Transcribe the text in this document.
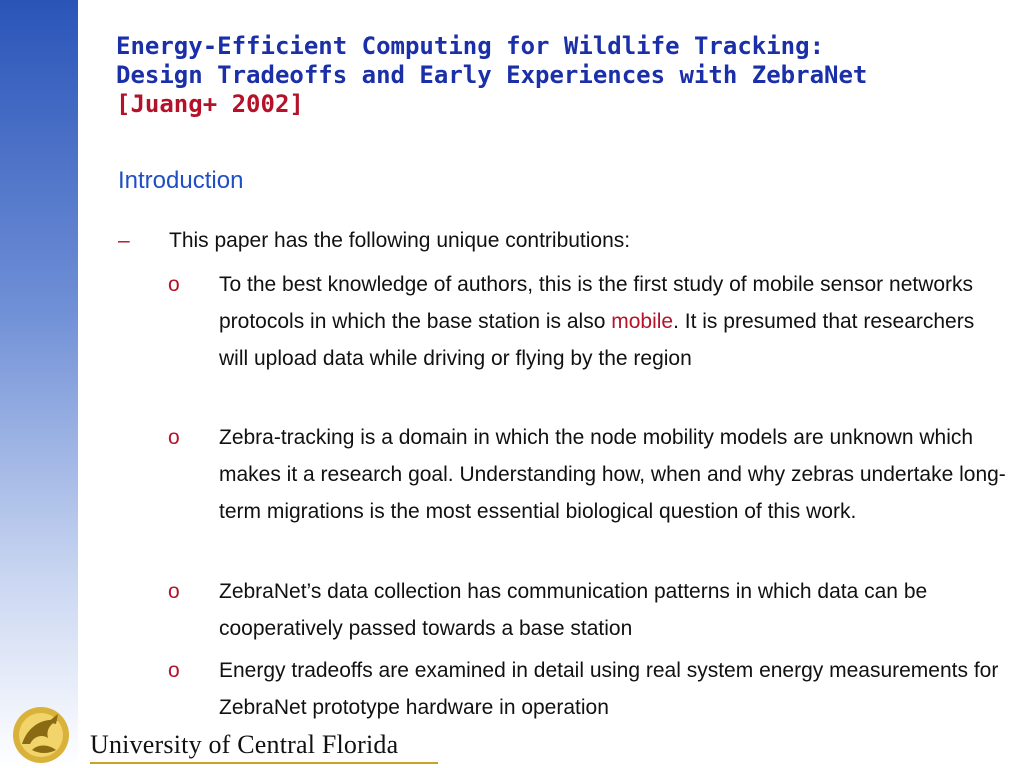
Energy-Efficient Computing for Wildlife Tracking:
Design Tradeoffs and Early Experiences with ZebraNet
[Juang+ 2002]
Introduction
– This paper has the following unique contributions:
o To the best knowledge of authors, this is the first study of mobile sensor networks protocols in which the base station is also mobile. It is presumed that researchers will upload data while driving or flying by the region
o Zebra-tracking is a domain in which the node mobility models are unknown which makes it a research goal. Understanding how, when and why zebras undertake long-term migrations is the most essential biological question of this work.
o ZebraNet’s data collection has communication patterns in which data can be cooperatively passed towards a base station
o Energy tradeoffs are examined in detail using real system energy measurements for ZebraNet prototype hardware in operation
University of Central Florida
